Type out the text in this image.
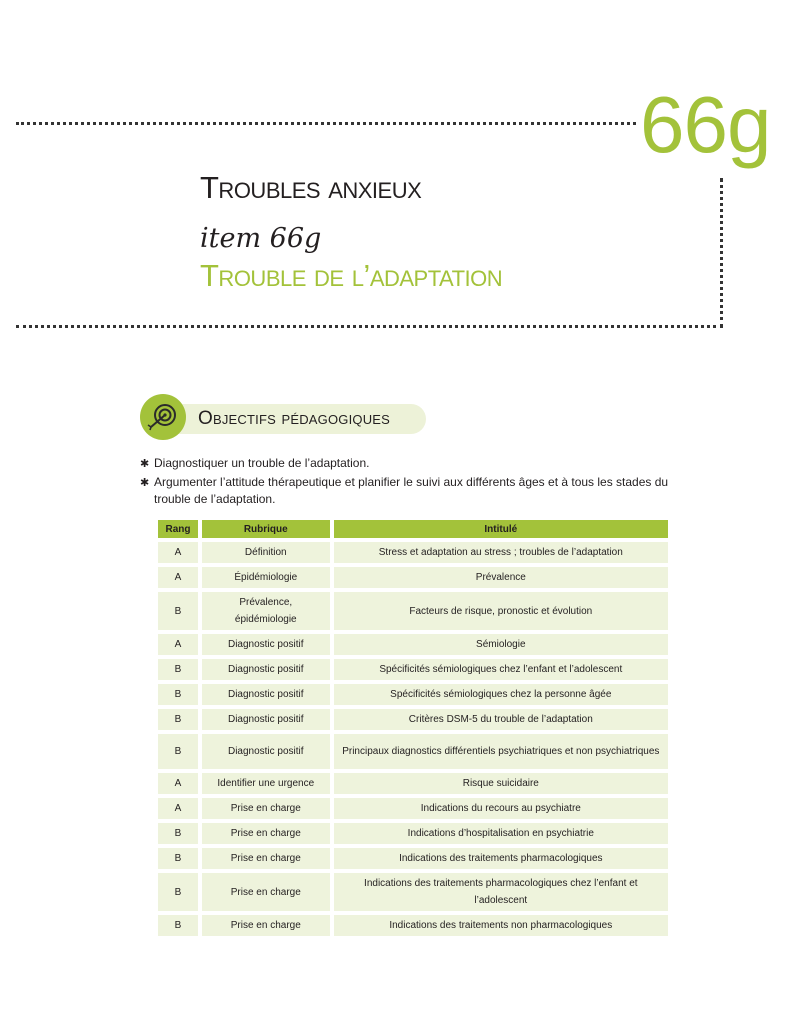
66g
Troubles anxieux
item 66g
Trouble de l’adaptation
Objectifs pédagogiques
✱ Diagnostiquer un trouble de l’adaptation.
✱ Argumenter l’attitude thérapeutique et planifier le suivi aux différents âges et à tous les stades du trouble de l’adaptation.
Rang	Rubrique	Intitulé
A	Définition	Stress et adaptation au stress ; troubles de l’adaptation
A	Épidémiologie	Prévalence
B	Prévalence, épidémiologie	Facteurs de risque, pronostic et évolution
A	Diagnostic positif	Sémiologie
B	Diagnostic positif	Spécificités sémiologiques chez l’enfant et l’adolescent
B	Diagnostic positif	Spécificités sémiologiques chez la personne âgée
B	Diagnostic positif	Critères DSM-5 du trouble de l’adaptation
B	Diagnostic positif	Principaux diagnostics différentiels psychiatriques et non psychiatriques
A	Identifier une urgence	Risque suicidaire
A	Prise en charge	Indications du recours au psychiatre
B	Prise en charge	Indications d’hospitalisation en psychiatrie
B	Prise en charge	Indications des traitements pharmacologiques
B	Prise en charge	Indications des traitements pharmacologiques chez l’enfant et l’adolescent
B	Prise en charge	Indications des traitements non pharmacologiques
